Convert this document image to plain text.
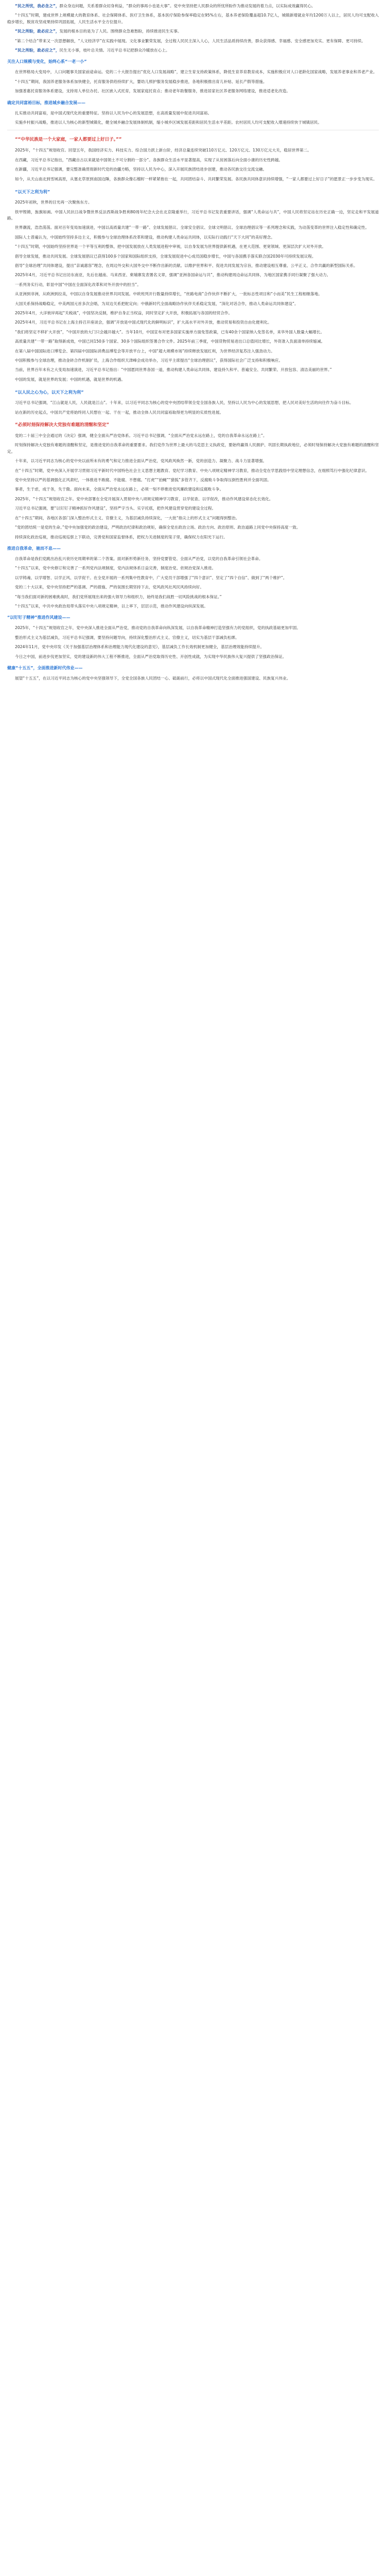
“民之所忧，我必念之”，群众身边问题，关系着群众切身利益，“群众的事再小也是大事”。党中央坚持把人民群众的所忧所盼作为推动发展的着力点，以实际成效赢得民心。

“十四五”时期，建成世界上规模最大的教育体系、社会保障体系、医疗卫生体系，基本医疗保险参保率稳定在95%左右，基本养老保险覆盖超10.7亿人，城镇新增就业年均1200万人以上，居民人均可支配收入稳步增长，脱贫攻坚成果持续巩固拓展，人民生活水平全方位提升。

“民之所盼，政必应之”，发展的根本目的是为了人民。围绕群众急难愁盼，持续推进民生实事。

“第二个结合”带来又一次思想解放，“人文经济学”在实践中展现。文化事业繁荣发展，全过程人民民主深入人心，人民生活品质持续改善，群众获得感、幸福感、安全感更加充实、更有保障、更可持续。

“民之所盼，政必应之”，民生无小事，枝叶总关情。习近平总书记把群众冷暖放在心上。

关注人口规模与变化，始终心系“一老一小”

在世界格局大变局中，人口问题事关国家前途命运。党的二十大报告提出“优化人口发展战略”，建立生育支持政策体系，降低生育养育教育成本，实施积极应对人口老龄化国家战略，发展养老事业和养老产业。

“十四五”期间，我国养老服务体系加快健全，托育服务供给持续扩大，婴幼儿照护服务发展稳步推进，各地积极推出育儿补贴、延长产假等措施。

加强普惠托育服务体系建设，支持用人单位办托、社区嵌入式托育，发展家庭托育点；推动老年助餐服务，推进居家社区养老服务网络建设，推进适老化改造。

确定共同富裕目标，推进城乡融合发展——

扎实推动共同富裕，是中国式现代化的重要特征。坚持以人民为中心的发展思想，在高质量发展中促进共同富裕。

实施乡村振兴战略，推进以人为核心的新型城镇化，健全城乡融合发展体制机制，缩小城乡区域发展差距和居民生活水平差距。农村居民人均可支配收入增速持续快于城镇居民。

“ “中华民族是一个大家庭，一家人都要过上好日子。” ”

2025年，“十四五”规划收官。回望五年，我国经济实力、科技实力、综合国力跃上新台阶，经济总量连续突破110万亿元、120万亿元、130万亿元大关，稳居世界第二。

在西藏，习近平总书记指出，“西藏自古以来就是中国领土不可分割的一部分”。各族群众生活水平显著提高，实现了从贫困落后向全面小康的历史性跨越。

在新疆，习近平总书记强调，要完整准确贯彻新时代党的治疆方略，坚持以人民为中心，深入开展民族团结进步创建，推动各民族交往交流交融。

如今，从天山南北到雪域高原，从塞北草原到南国边陲，各族群众像石榴籽一样紧紧抱在一起，共同团结奋斗、共同繁荣发展。各民族共同体意识持续增强，“一家人都要过上好日子”的愿景正一步步变为现实。

“ 以天下之利为利 ”

2025年初秋，世界的目光再一次聚焦东方。

铁甲铿锵，旌旗如画。中国人民抗日战争暨世界反法西斯战争胜利80周年纪念大会在北京隆重举行，习近平总书记发表重要讲话，强调“人类命运与共”，中国人民将坚定站在历史正确一边，坚定走和平发展道路。

世界潮流，浩浩荡荡。面对百年变局加速演进，中国以高质量共建“一带一路”、全球发展倡议、全球安全倡议、全球文明倡议、全球治理倡议等一系列理念和实践，为动荡变革的世界注入稳定性和确定性。

国际人士普遍认为，中国始终坚持多边主义，积极参与全球治理体系改革和建设，推动构建人类命运共同体，以实际行动践行“天下大同”的美好理念。

“十四五”时期，中国始终坚持世界是一个平等互利的整体，把中国发展放在人类发展进程中审视，以自身发展为世界提供新机遇，在更大范围、更宽领域、更深层次扩大对外开放。

倡导全球发展，推动共同发展。全球发展倡议已获得100多个国家和国际组织支持，全球发展促进中心成员国稳步增长，中国与各国携手落实联合国2030年可持续发展议程。

倡导“全球治理”共同体建设，提出“亲诚惠容”理念，在周边外交和大国外交中不断作出新的贡献。以维护世界和平、促进共同发展为宗旨，推动建设相互尊重、公平正义、合作共赢的新型国际关系。

2025年4月，习近平总书记出访东南亚，先后在越南、马来西亚、柬埔寨发表署名文章，强调“亚洲各国命运与共”，推动构建周边命运共同体，为地区国家携手同行凝聚了强大动力。

一系列务实行动，彰显中国“中国在全面深化改革和对外开放中的担当”。

从亚洲到非洲，从欧洲到拉美，中国以自身发展推动世界共同发展。中欧班列开行数量持续增长，“丝路电商”合作伙伴不断扩大，一批标志性项目和“小而美”民生工程相继落地。

大国关系保持战略稳定，中美两国元首多次会晤，为双边关系把舵定向；中俄新时代全面战略协作伙伴关系稳定发展，“深化对话合作，推动人类命运共同体建设”。

2025年4月，大洋彼岸再起“关税战”，中国坚决反制，维护自身正当权益，同时坚定扩大开放，积极拓展与各国的经贸合作。

2025年4月，习近平总书记在上海主持召开座谈会，强调“开放是中国式现代化的鲜明标识”，扩大高水平对外开放，推动贸易和投资自由化便利化。

“我们将坚定不移扩大开放”，“中国开放的大门只会越开越大”。当年10月，中国宣布对更多国家实施单方面免签政策，已有40余个国家纳入免签名单，来华外国人数量大幅增长。

高质量共建“一带一路”取得新成效，中国已同150多个国家、30多个国际组织签署合作文件。2025年前三季度，中国货物贸易进出口总值同比增长，外资准入负面清单持续缩减。

在第八届中国国际进口博览会、第四届中国国际消费品博览会等开放平台上，中国“超大规模市场”持续释放发展红利，为世界经济复苏注入强劲动力。

中国积极参与全球治理，推动金砖合作机制扩员，上海合作组织天津峰会成功举办，习近平主席提出“全球治理倡议”，获得国际社会广泛支持和积极响应。

当前，世界百年未有之大变局加速演进，习近平总书记指出：“中国愿同世界各国一道，推动构建人类命运共同体，建设持久和平、普遍安全、共同繁荣、开放包容、清洁美丽的世界。”

中国的发展，就是世界的发展；中国的机遇，就是世界的机遇。

“ 以人民之心为心，以天下之利为利 ”

习近平总书记强调，“江山就是人民，人民就是江山”。十年来，以习近平同志为核心的党中央团结带领全党全国各族人民，坚持以人民为中心的发展思想，把人民对美好生活的向往作为奋斗目标。

站在新的历史起点，中国共产党将始终同人民想在一起、干在一起，推动全体人民共同富裕取得更为明显的实质性进展。

“ 必须时刻保持解决大党独有难题的清醒和坚定 ”

党的二十届三中全会通过的《决定》强调，健全全面从严治党体系。习近平总书记强调，“全面从严治党永远在路上，党的自我革命永远在路上”。

时刻保持解决大党独有难题的清醒和坚定，是推进党的自我革命的重要要求。我们党作为世界上最大的马克思主义执政党，要始终赢得人民拥护、巩固长期执政地位，必须时刻保持解决大党独有难题的清醒和坚定。

十年来，以习近平同志为核心的党中央以前所未有的勇气和定力推进全面从严治党，党风政风焕然一新，党的创造力、凝聚力、战斗力显著增强。

在“十四五”时期，党中央深入开展学习贯彻习近平新时代中国特色社会主义思想主题教育、党纪学习教育、中央八项规定精神学习教育，推动全党在学思践悟中坚定理想信念，在细照笃行中强化纪律意识。

党中央坚持以严的基调强化正风肃纪，一体推进不敢腐、不能腐、不想腐。“打虎”“拍蝇”“猎狐”多管齐下，反腐败斗争取得压倒性胜利并全面巩固。

事者，生于虑，成于务，失于傲。面向未来，全面从严治党永远在路上，必须一刻不停推进党风廉政建设和反腐败斗争。

2025年，“十四五”规划收官之年。党中央部署在全党开展深入贯彻中央八项规定精神学习教育，以学促查、以学促改，推动作风建设常态化长效化。

习近平总书记强调，要“以钉钉子精神抓好作风建设”，坚持严字当头、实字托底，把作风建设贯穿党的建设全过程。

在“十四五”期间，各地区各部门深入整治形式主义、官僚主义，为基层减负持续深化，一大批“指尖上的形式主义”问题得到整治。

“党的团结统一是党的生命。”党中央加强党的政治建设，严明政治纪律和政治规矩，确保全党在政治立场、政治方向、政治原则、政治道路上同党中央保持高度一致。

持续深化政治巡视，推动巡视巡察上下联动，完善党和国家监督体系，把权力关进制度的笼子里，确保权力在阳光下运行。

推进自我革命，驰而不息——

自我革命是我们党跳出治乱兴衰历史周期率的第二个答案。面对新形势新任务，坚持党要管党、全面从严治党，以党的自我革命引领社会革命。

“十四五”以来，党中央修订和完善了一系列党内法规制度，党内法规体系日益完善，制度治党、依规治党深入推进。

以学铸魂、以学增智、以学正风、以学促干。在全党开展的一系列集中性教育中，广大党员干部增强了“四个意识”、坚定了“四个自信”、做到了“两个维护”。

党的二十大以来，党中央坚持把严的基调、严的措施、严的氛围长期坚持下去，党风政风社风民风持续向好。

“每当我们面对新的困难挑战时，我们党所展现出来的强大领导力和组织力，始终是我们战胜一切风险挑战的根本保证。”

“十四五”以来，中共中央政治局带头落实中央八项规定精神，以上率下，层层示范，推动作风建设向纵深发展。

“以钉钉子精神”推进作风建设——

2025年，“十四五”规划收官之年，党中央深入推进全面从严治党，推动党的自我革命向纵深发展，以自我革命精神打造坚强有力的党组织，党的执政基础更加牢固。

整治形式主义为基层减负，习近平总书记强调，要坚持问题导向，持续深化整治形式主义、官僚主义，切实为基层干部减负松绑。

2024年11月，党中央印发《关于加强基层治理体系和治理能力现代化建设的意见》，基层减负工作长效机制更加健全，基层治理效能持续提升。

今日之中国，前进步伐更加坚实，党的建设新的伟大工程不断推进，全面从严治党取得历史性、开创性成就，为实现中华民族伟大复兴提供了坚强政治保证。

健康“十五五”，全面推进新时代伟业——

展望“十五五”，在以习近平同志为核心的党中央坚强领导下，全党全国各族人民团结一心、砥砺前行，必将以中国式现代化全面推进强国建设、民族复兴伟业。
